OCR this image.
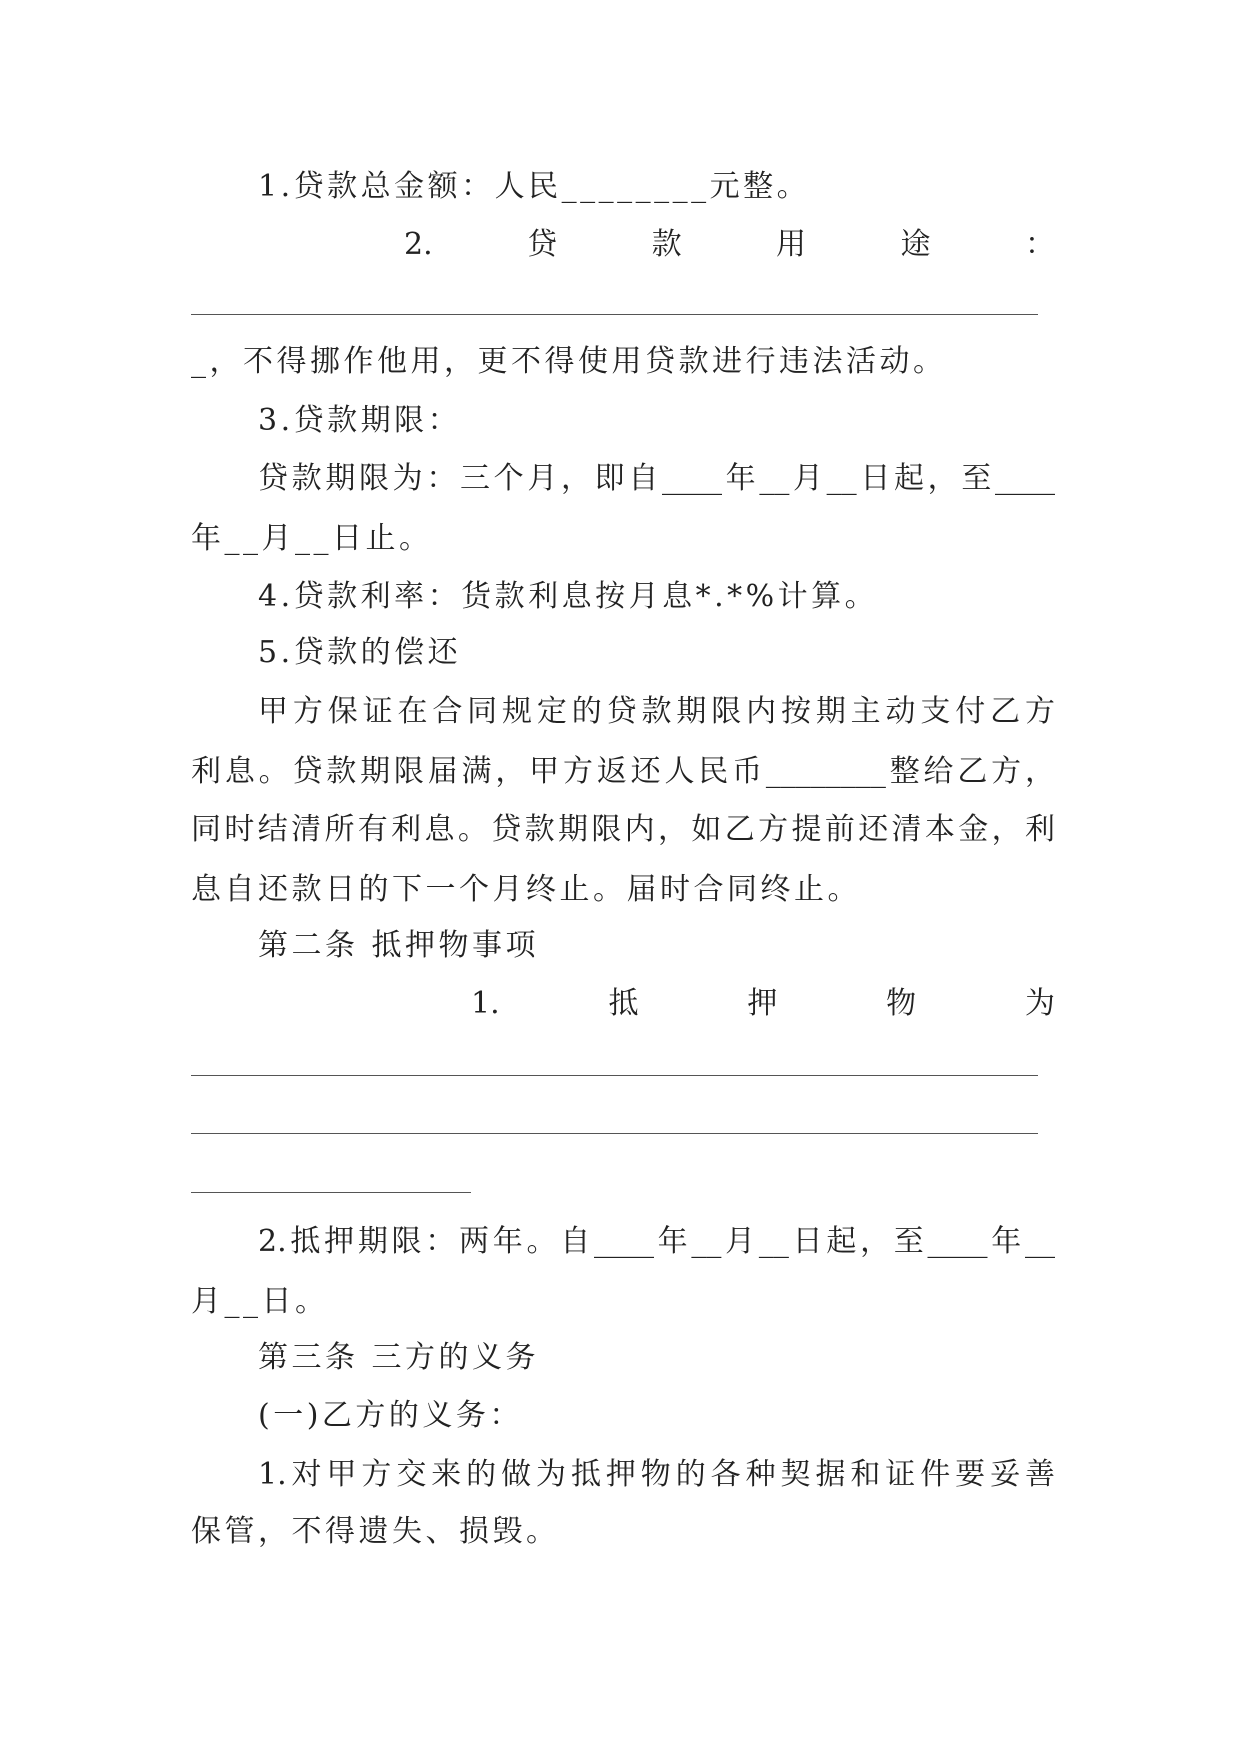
1.贷款总金额：人民________元整。
2.	贷	款	用	途	：
_，不得挪作他用，更不得使用贷款进行违法活动。
3.贷款期限：
贷款期限为：三个月，即自____年__月__日起，至____
年__月__日止。
4.贷款利率：货款利息按月息*.*%计算。
5.贷款的偿还
甲方保证在合同规定的贷款期限内按期主动支付乙方
利息。贷款期限届满，甲方返还人民币________整给乙方，
同时结清所有利息。贷款期限内，如乙方提前还清本金，利
息自还款日的下一个月终止。届时合同终止。
第二条 抵押物事项
1.	抵	押	物	为
2.抵押期限：两年。自____年__月__日起，至____年__
月__日。
第三条 三方的义务
(一)乙方的义务：
1.对甲方交来的做为抵押物的各种契据和证件要妥善
保管，不得遗失、损毁。
